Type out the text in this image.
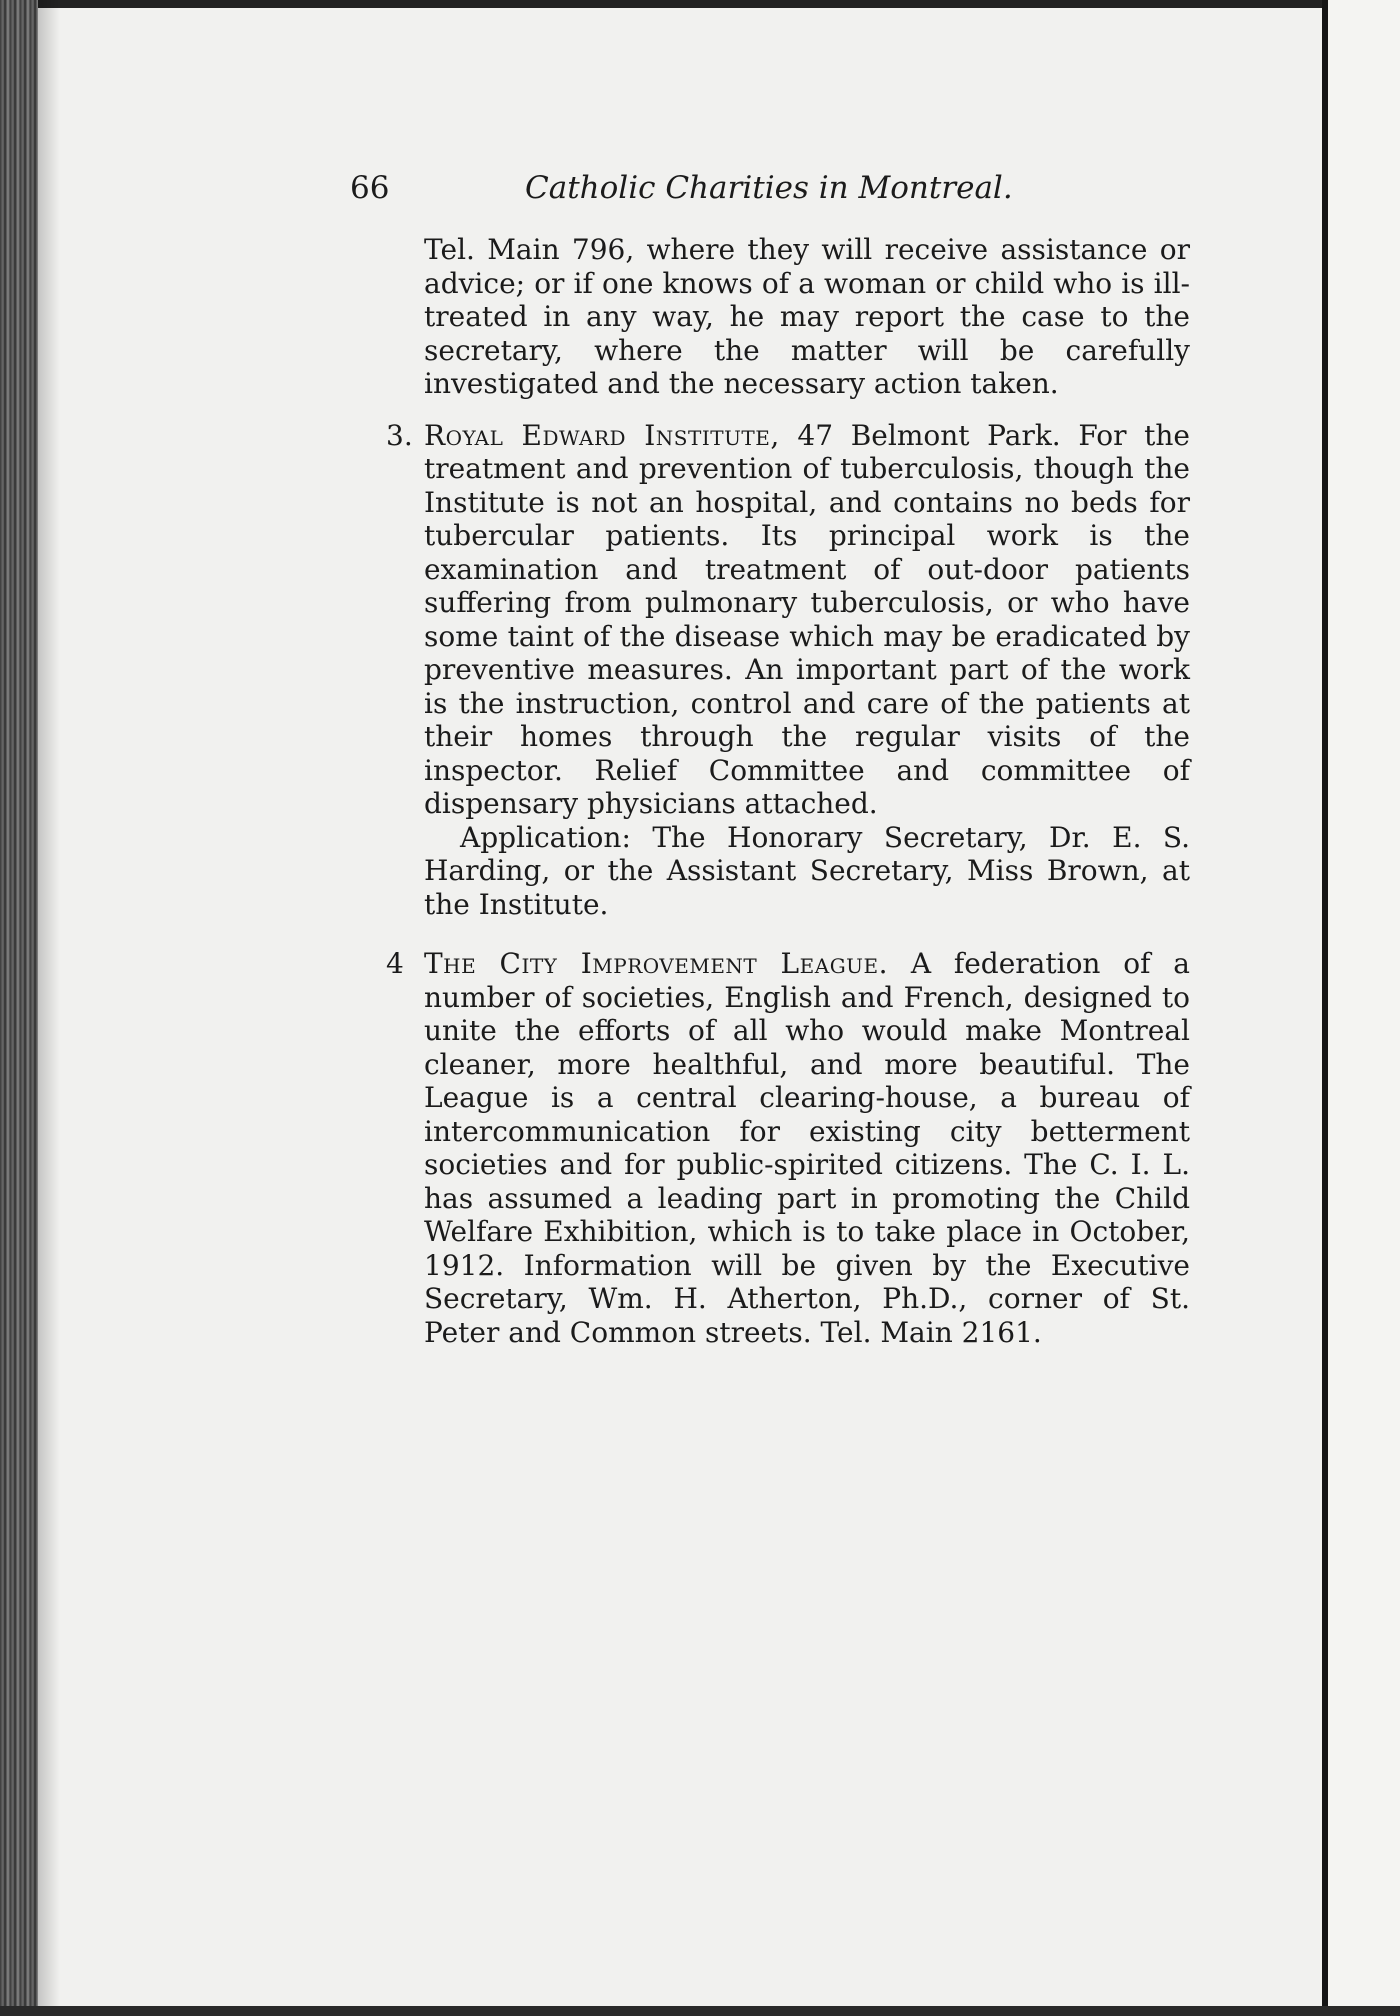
66	Catholic Charities in Montreal.

Tel. Main 796, where they will receive assistance or advice; or if one knows of a woman or child who is ill-treated in any way, he may report the case to the secretary, where the matter will be carefully investigated and the necessary action taken.

3. Royal Edward Institute, 47 Belmont Park. For the treatment and prevention of tuberculosis, though the Institute is not an hospital, and contains no beds for tubercular patients. Its principal work is the examination and treatment of out-door patients suffering from pulmonary tuberculosis, or who have some taint of the disease which may be eradicated by preventive measures. An important part of the work is the instruction, control and care of the patients at their homes through the regular visits of the inspector. Relief Committee and committee of dispensary physicians attached.

Application: The Honorary Secretary, Dr. E. S. Harding, or the Assistant Secretary, Miss Brown, at the Institute.

4 The City Improvement League. A federation of a number of societies, English and French, designed to unite the efforts of all who would make Montreal cleaner, more healthful, and more beautiful. The League is a central clearing-house, a bureau of intercommunication for existing city betterment societies and for public-spirited citizens. The C. I. L. has assumed a leading part in promoting the Child Welfare Exhibition, which is to take place in October, 1912. Information will be given by the Executive Secretary, Wm. H. Atherton, Ph.D., corner of St. Peter and Common streets. Tel. Main 2161.
